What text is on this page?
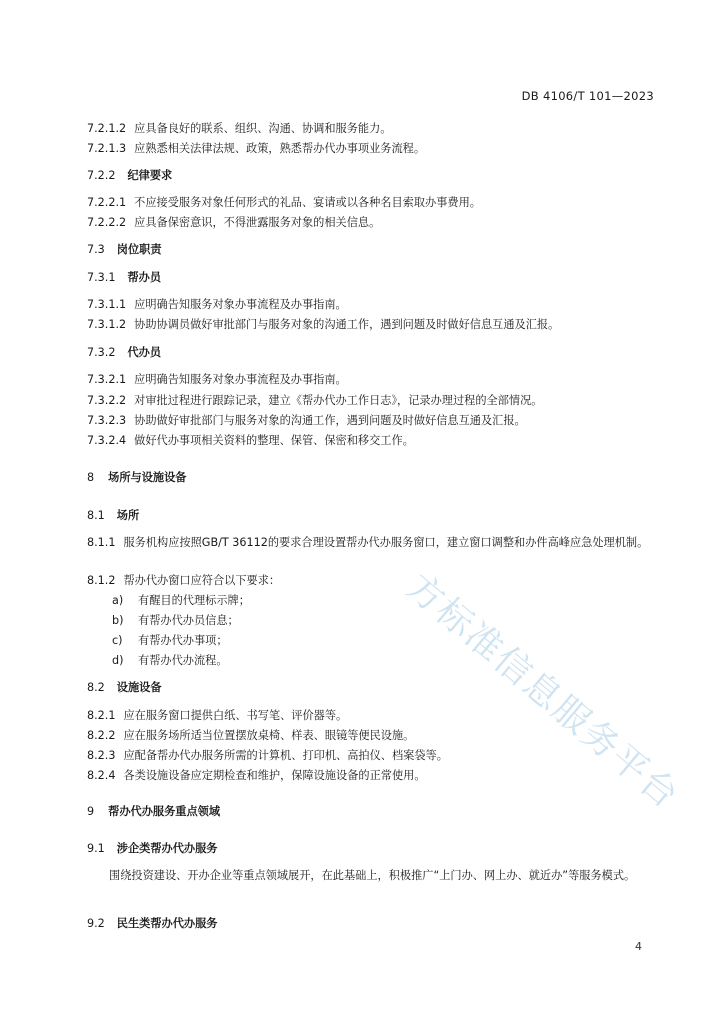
DB 4106/T 101—2023
7.2.1.2 应具备良好的联系、组织、沟通、协调和服务能力。
7.2.1.3 应熟悉相关法律法规、政策，熟悉帮办代办事项业务流程。
7.2.2 纪律要求
7.2.2.1 不应接受服务对象任何形式的礼品、宴请或以各种名目索取办事费用。
7.2.2.2 应具备保密意识，不得泄露服务对象的相关信息。
7.3 岗位职责
7.3.1 帮办员
7.3.1.1 应明确告知服务对象办事流程及办事指南。
7.3.1.2 协助协调员做好审批部门与服务对象的沟通工作，遇到问题及时做好信息互通及汇报。
7.3.2 代办员
7.3.2.1 应明确告知服务对象办事流程及办事指南。
7.3.2.2 对审批过程进行跟踪记录，建立《帮办代办工作日志》，记录办理过程的全部情况。
7.3.2.3 协助做好审批部门与服务对象的沟通工作，遇到问题及时做好信息互通及汇报。
7.3.2.4 做好代办事项相关资料的整理、保管、保密和移交工作。
8 场所与设施设备
8.1 场所
8.1.1 服务机构应按照GB/T 36112的要求合理设置帮办代办服务窗口，建立窗口调整和办件高峰应急处理机制。
8.1.2 帮办代办窗口应符合以下要求：
a) 有醒目的代理标示牌；
b) 有帮办代办员信息；
c) 有帮办代办事项；
d) 有帮办代办流程。
8.2 设施设备
8.2.1 应在服务窗口提供白纸、书写笔、评价器等。
8.2.2 应在服务场所适当位置摆放桌椅、样表、眼镜等便民设施。
8.2.3 应配备帮办代办服务所需的计算机、打印机、高拍仪、档案袋等。
8.2.4 各类设施设备应定期检查和维护，保障设施设备的正常使用。
9 帮办代办服务重点领域
9.1 涉企类帮办代办服务
围绕投资建设、开办企业等重点领域展开，在此基础上，积极推广“上门办、网上办、就近办”等服务模式。
9.2 民生类帮办代办服务
4
方标准信息服务平台
